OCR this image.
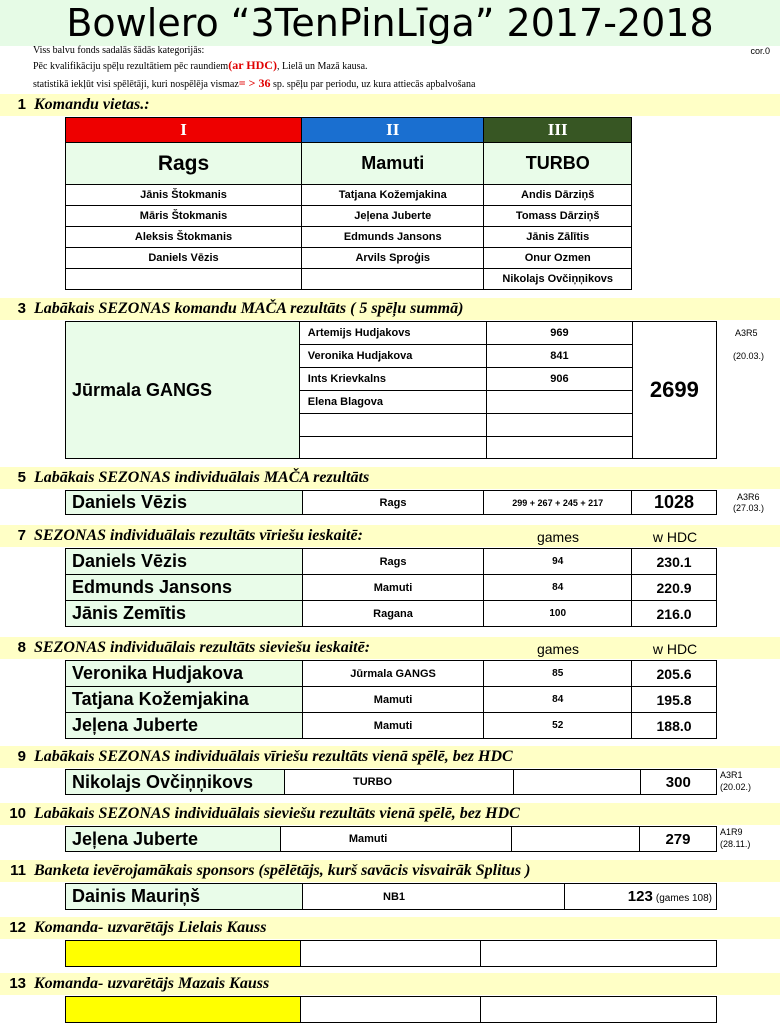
Bowlero “3TenPinLīga” 2017-2018
cor.0
Viss balvu fonds sadalās šādās kategorijās:
Pēc kvalifikāciju spēļu rezultātiem pēc raundiem(ar HDC), Lielā un Mazā kausa.
statistikā iekļūt visi spēlētāji, kuri nospēlēja vismaz= > 36 sp. spēļu par periodu, uz kura attiecās apbalvošana
1 Komandu vietas.:
I	II	III
Rags	Mamuti	TURBO
Jānis Štokmanis	Tatjana Kožemjakina	Andis Dārziņš
Māris Štokmanis	Jeļena Juberte	Tomass Dārziņš
Aleksis Štokmanis	Edmunds Jansons	Jānis Zālītis
Daniels Vēzis	Arvils Sproģis	Onur Ozmen
		Nikolajs Ovčiņņikovs
3 Labākais SEZONAS komandu MAČA rezultāts ( 5 spēļu summā)
Jūrmala GANGS	Artemijs Hudjakovs	969	2699
	Veronika Hudjakova	841	
	Ints Krievkalns	906	
	Elena Blagova		

A3R5
(20.03.)
5 Labākais SEZONAS individuālais MAČA rezultāts
Daniels Vēzis	Rags	299 + 267 + 245 + 217	1028	A3R6
(27.03.)
7 SEZONAS individuālais rezultāts vīriešu ieskaitē:	games	w HDC
Daniels Vēzis	Rags	94	230.1
Edmunds Jansons	Mamuti	84	220.9
Jānis Zemītis	Ragana	100	216.0
8 SEZONAS individuālais rezultāts sieviešu ieskaitē:	games	w HDC
Veronika Hudjakova	Jūrmala GANGS	85	205.6
Tatjana Kožemjakina	Mamuti	84	195.8
Jeļena Juberte	Mamuti	52	188.0
9 Labākais SEZONAS individuālais vīriešu rezultāts vienā spēlē, bez HDC
Nikolajs Ovčiņņikovs	TURBO		300	A3R1
(20.02.)
10 Labākais SEZONAS individuālais sieviešu rezultāts vienā spēlē, bez HDC
Jeļena Juberte	Mamuti		279	A1R9
(28.11.)
11 Banketa ievērojamākais sponsors (spēlētājs, kurš savācis visvairāk Splitus )
Dainis Mauriņš	NB1	123 (games 108)
12 Komanda- uzvarētājs Lielais Kauss

13 Komanda- uzvarētājs Mazais Kauss
